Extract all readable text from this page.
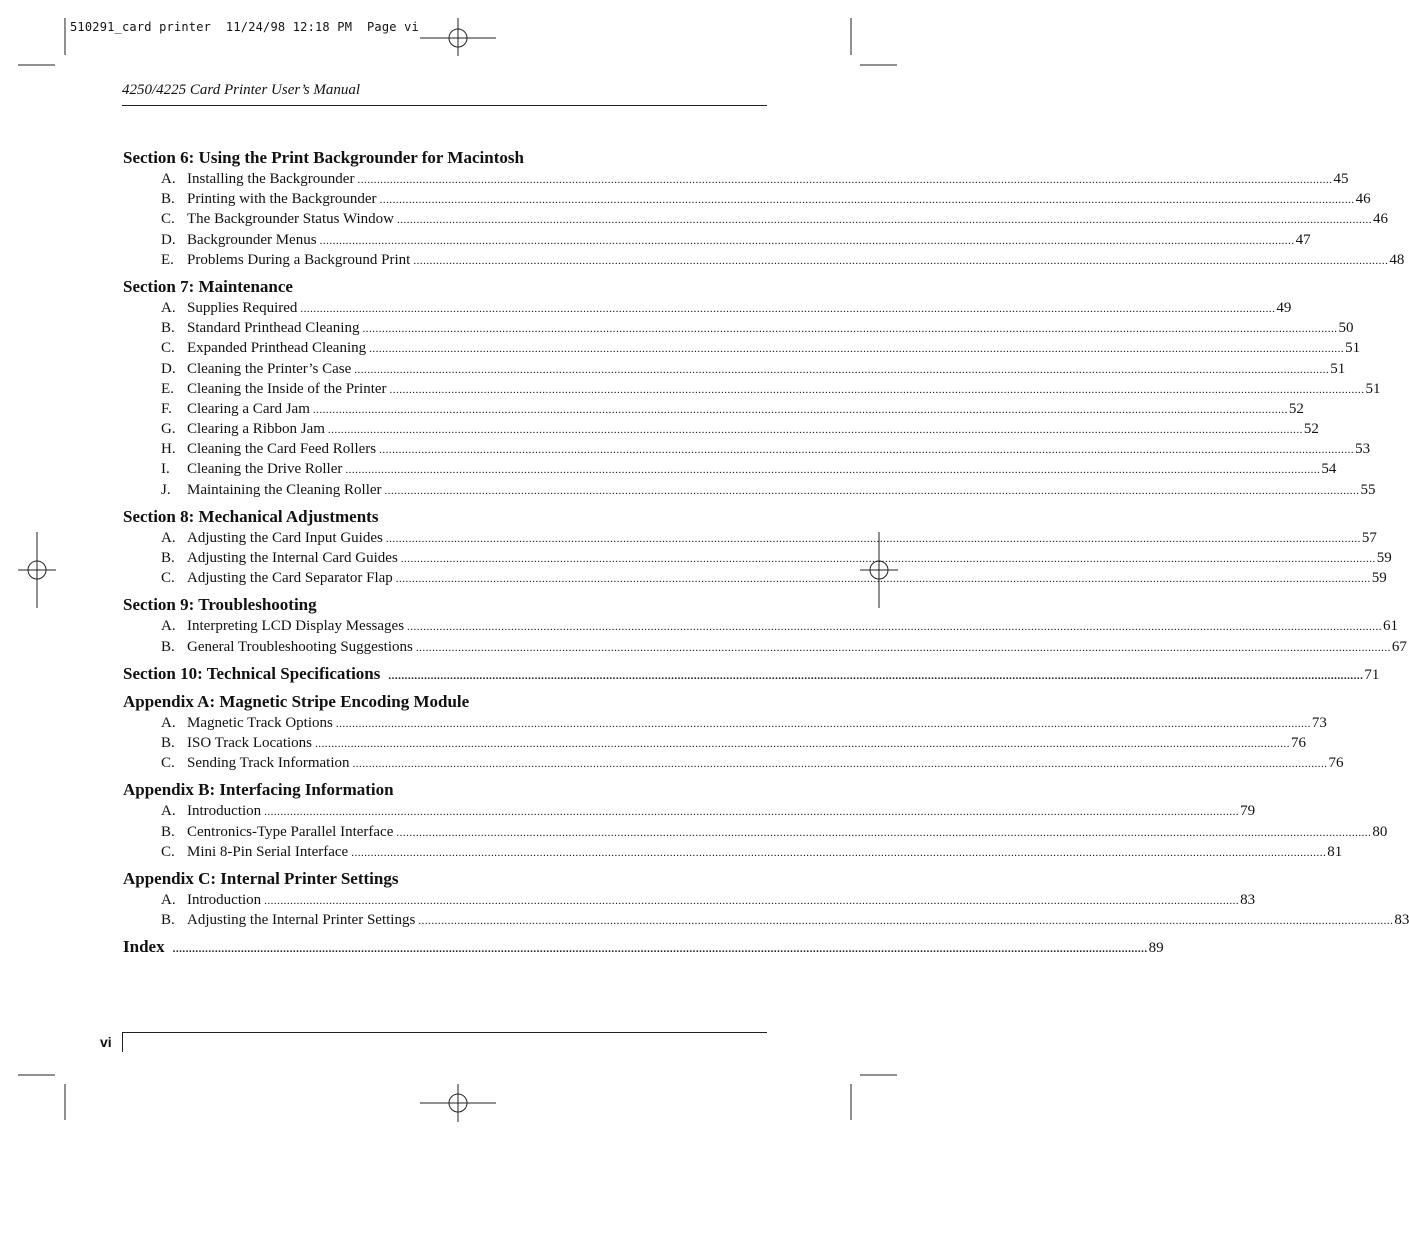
510291_card printer  11/24/98 12:18 PM  Page vi
4250/4225 Card Printer User’s Manual
Section 6: Using the Print Backgrounder for Macintosh
A. Installing the Backgrounder ............................................................................................................................................................................................................................................................................................................ 45
B. Printing with the Backgrounder ............................................................................................................................................................................................................................................................................................................ 46
C. The Backgrounder Status Window ............................................................................................................................................................................................................................................................................................................ 46
D. Backgrounder Menus ............................................................................................................................................................................................................................................................................................................ 47
E. Problems During a Background Print ............................................................................................................................................................................................................................................................................................................ 48
Section 7: Maintenance
A. Supplies Required ............................................................................................................................................................................................................................................................................................................ 49
B. Standard Printhead Cleaning ............................................................................................................................................................................................................................................................................................................ 50
C. Expanded Printhead Cleaning ............................................................................................................................................................................................................................................................................................................ 51
D. Cleaning the Printer’s Case ............................................................................................................................................................................................................................................................................................................ 51
E. Cleaning the Inside of the Printer ............................................................................................................................................................................................................................................................................................................ 51
F.	Clearing a Card Jam ............................................................................................................................................................................................................................................................................................................ 52
G. Clearing a Ribbon Jam ............................................................................................................................................................................................................................................................................................................ 52
H. Cleaning the Card Feed Rollers ............................................................................................................................................................................................................................................................................................................ 53
I.	Cleaning the Drive Roller ............................................................................................................................................................................................................................................................................................................ 54
J.	Maintaining the Cleaning Roller ............................................................................................................................................................................................................................................................................................................ 55
Section 8: Mechanical Adjustments
A. Adjusting the Card Input Guides ............................................................................................................................................................................................................................................................................................................ 57
B. Adjusting the Internal Card Guides ............................................................................................................................................................................................................................................................................................................ 59
C. Adjusting the Card Separator Flap ............................................................................................................................................................................................................................................................................................................ 59
Section 9: Troubleshooting
A. Interpreting LCD Display Messages ............................................................................................................................................................................................................................................................................................................ 61
B. General Troubleshooting Suggestions ............................................................................................................................................................................................................................................................................................................ 67
Section 10: Technical Specifications ............................................................................................................................................................................................................................................................................................................ 71
Appendix A: Magnetic Stripe Encoding Module
A. Magnetic Track Options ............................................................................................................................................................................................................................................................................................................ 73
B. ISO Track Locations ............................................................................................................................................................................................................................................................................................................ 76
C. Sending Track Information ............................................................................................................................................................................................................................................................................................................ 76
Appendix B: Interfacing Information
A. Introduction ............................................................................................................................................................................................................................................................................................................ 79
B. Centronics-Type Parallel Interface ............................................................................................................................................................................................................................................................................................................ 80
C. Mini 8-Pin Serial Interface ............................................................................................................................................................................................................................................................................................................ 81
Appendix C: Internal Printer Settings
A. Introduction ............................................................................................................................................................................................................................................................................................................ 83
B. Adjusting the Internal Printer Settings ............................................................................................................................................................................................................................................................................................................ 83
Index ............................................................................................................................................................................................................................................................................................................ 89
vi
